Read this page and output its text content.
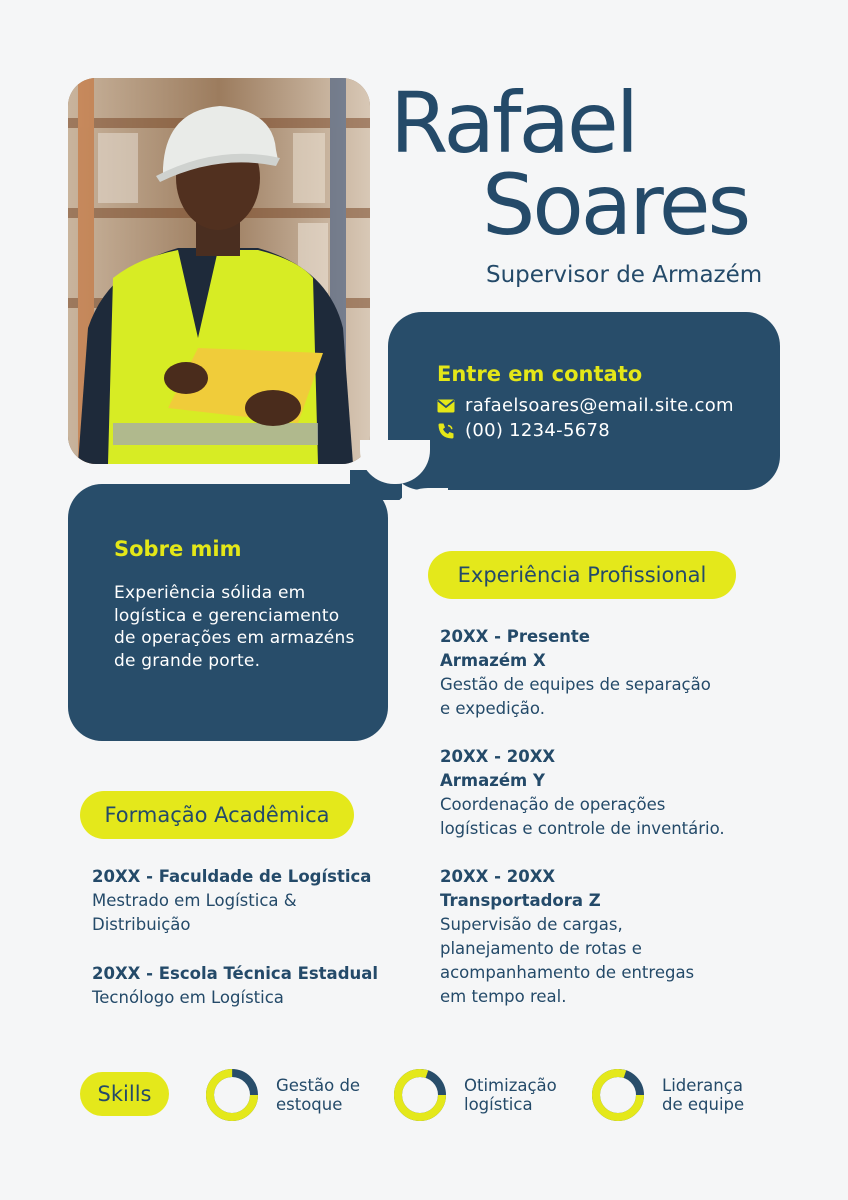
Rafael
Soares
Supervisor de Armazém
Entre em contato
rafaelsoares@email.site.com
(00) 1234-5678
Sobre mim
Experiência sólida em logística e gerenciamento de operações em armazéns de grande porte.
Experiência Profissional
20XX - Presente
Armazém X
Gestão de equipes de separação e expedição.
20XX - 20XX
Armazém Y
Coordenação de operações logísticas e controle de inventário.
20XX - 20XX
Transportadora Z
Supervisão de cargas, planejamento de rotas e acompanhamento de entregas em tempo real.
Formação Acadêmica
20XX - Faculdade de Logística
Mestrado em Logística & Distribuição
20XX - Escola Técnica Estadual
Tecnólogo em Logística
Skills	Gestão de
estoque
Otimização
logística
Liderança
de equipe
